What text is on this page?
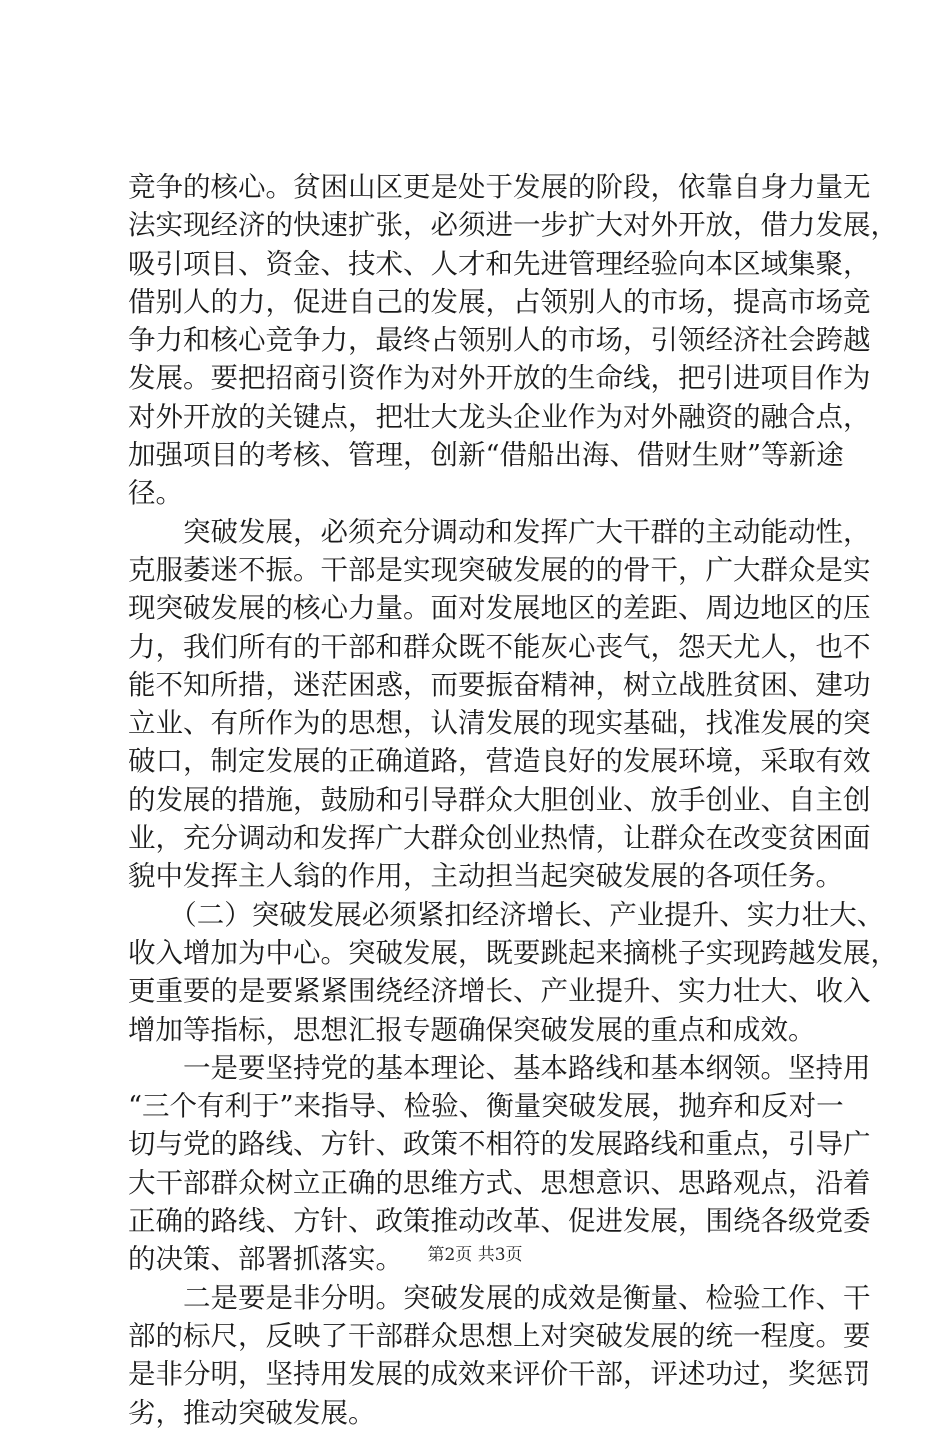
竞争的核心。贫困山区更是处于发展的阶段，依靠自身力量无
法实现经济的快速扩张，必须进一步扩大对外开放，借力发展，
吸引项目、资金、技术、人才和先进管理经验向本区域集聚，
借别人的力，促进自己的发展，占领别人的市场，提高市场竞
争力和核心竞争力，最终占领别人的市场，引领经济社会跨越
发展。要把招商引资作为对外开放的生命线，把引进项目作为
对外开放的关键点，把壮大龙头企业作为对外融资的融合点，
加强项目的考核、管理，创新“借船出海、借财生财”等新途
径。
　　突破发展，必须充分调动和发挥广大干群的主动能动性，
克服萎迷不振。干部是实现突破发展的的骨干，广大群众是实
现突破发展的核心力量。面对发展地区的差距、周边地区的压
力，我们所有的干部和群众既不能灰心丧气，怨天尤人，也不
能不知所措，迷茫困惑，而要振奋精神，树立战胜贫困、建功
立业、有所作为的思想，认清发展的现实基础，找准发展的突
破口，制定发展的正确道路，营造良好的发展环境，采取有效
的发展的措施，鼓励和引导群众大胆创业、放手创业、自主创
业，充分调动和发挥广大群众创业热情，让群众在改变贫困面
貌中发挥主人翁的作用，主动担当起突破发展的各项任务。
　　（二）突破发展必须紧扣经济增长、产业提升、实力壮大、
收入增加为中心。突破发展，既要跳起来摘桃子实现跨越发展，
更重要的是要紧紧围绕经济增长、产业提升、实力壮大、收入
增加等指标，思想汇报专题确保突破发展的重点和成效。
　　一是要坚持党的基本理论、基本路线和基本纲领。坚持用
“三个有利于”来指导、检验、衡量突破发展，抛弃和反对一
切与党的路线、方针、政策不相符的发展路线和重点，引导广
大干部群众树立正确的思维方式、思想意识、思路观点，沿着
正确的路线、方针、政策推动改革、促进发展，围绕各级党委
的决策、部署抓落实。
　　二是要是非分明。突破发展的成效是衡量、检验工作、干
部的标尺，反映了干部群众思想上对突破发展的统一程度。要
是非分明，坚持用发展的成效来评价干部，评述功过，奖惩罚
劣，推动突破发展。
第2页 共3页
